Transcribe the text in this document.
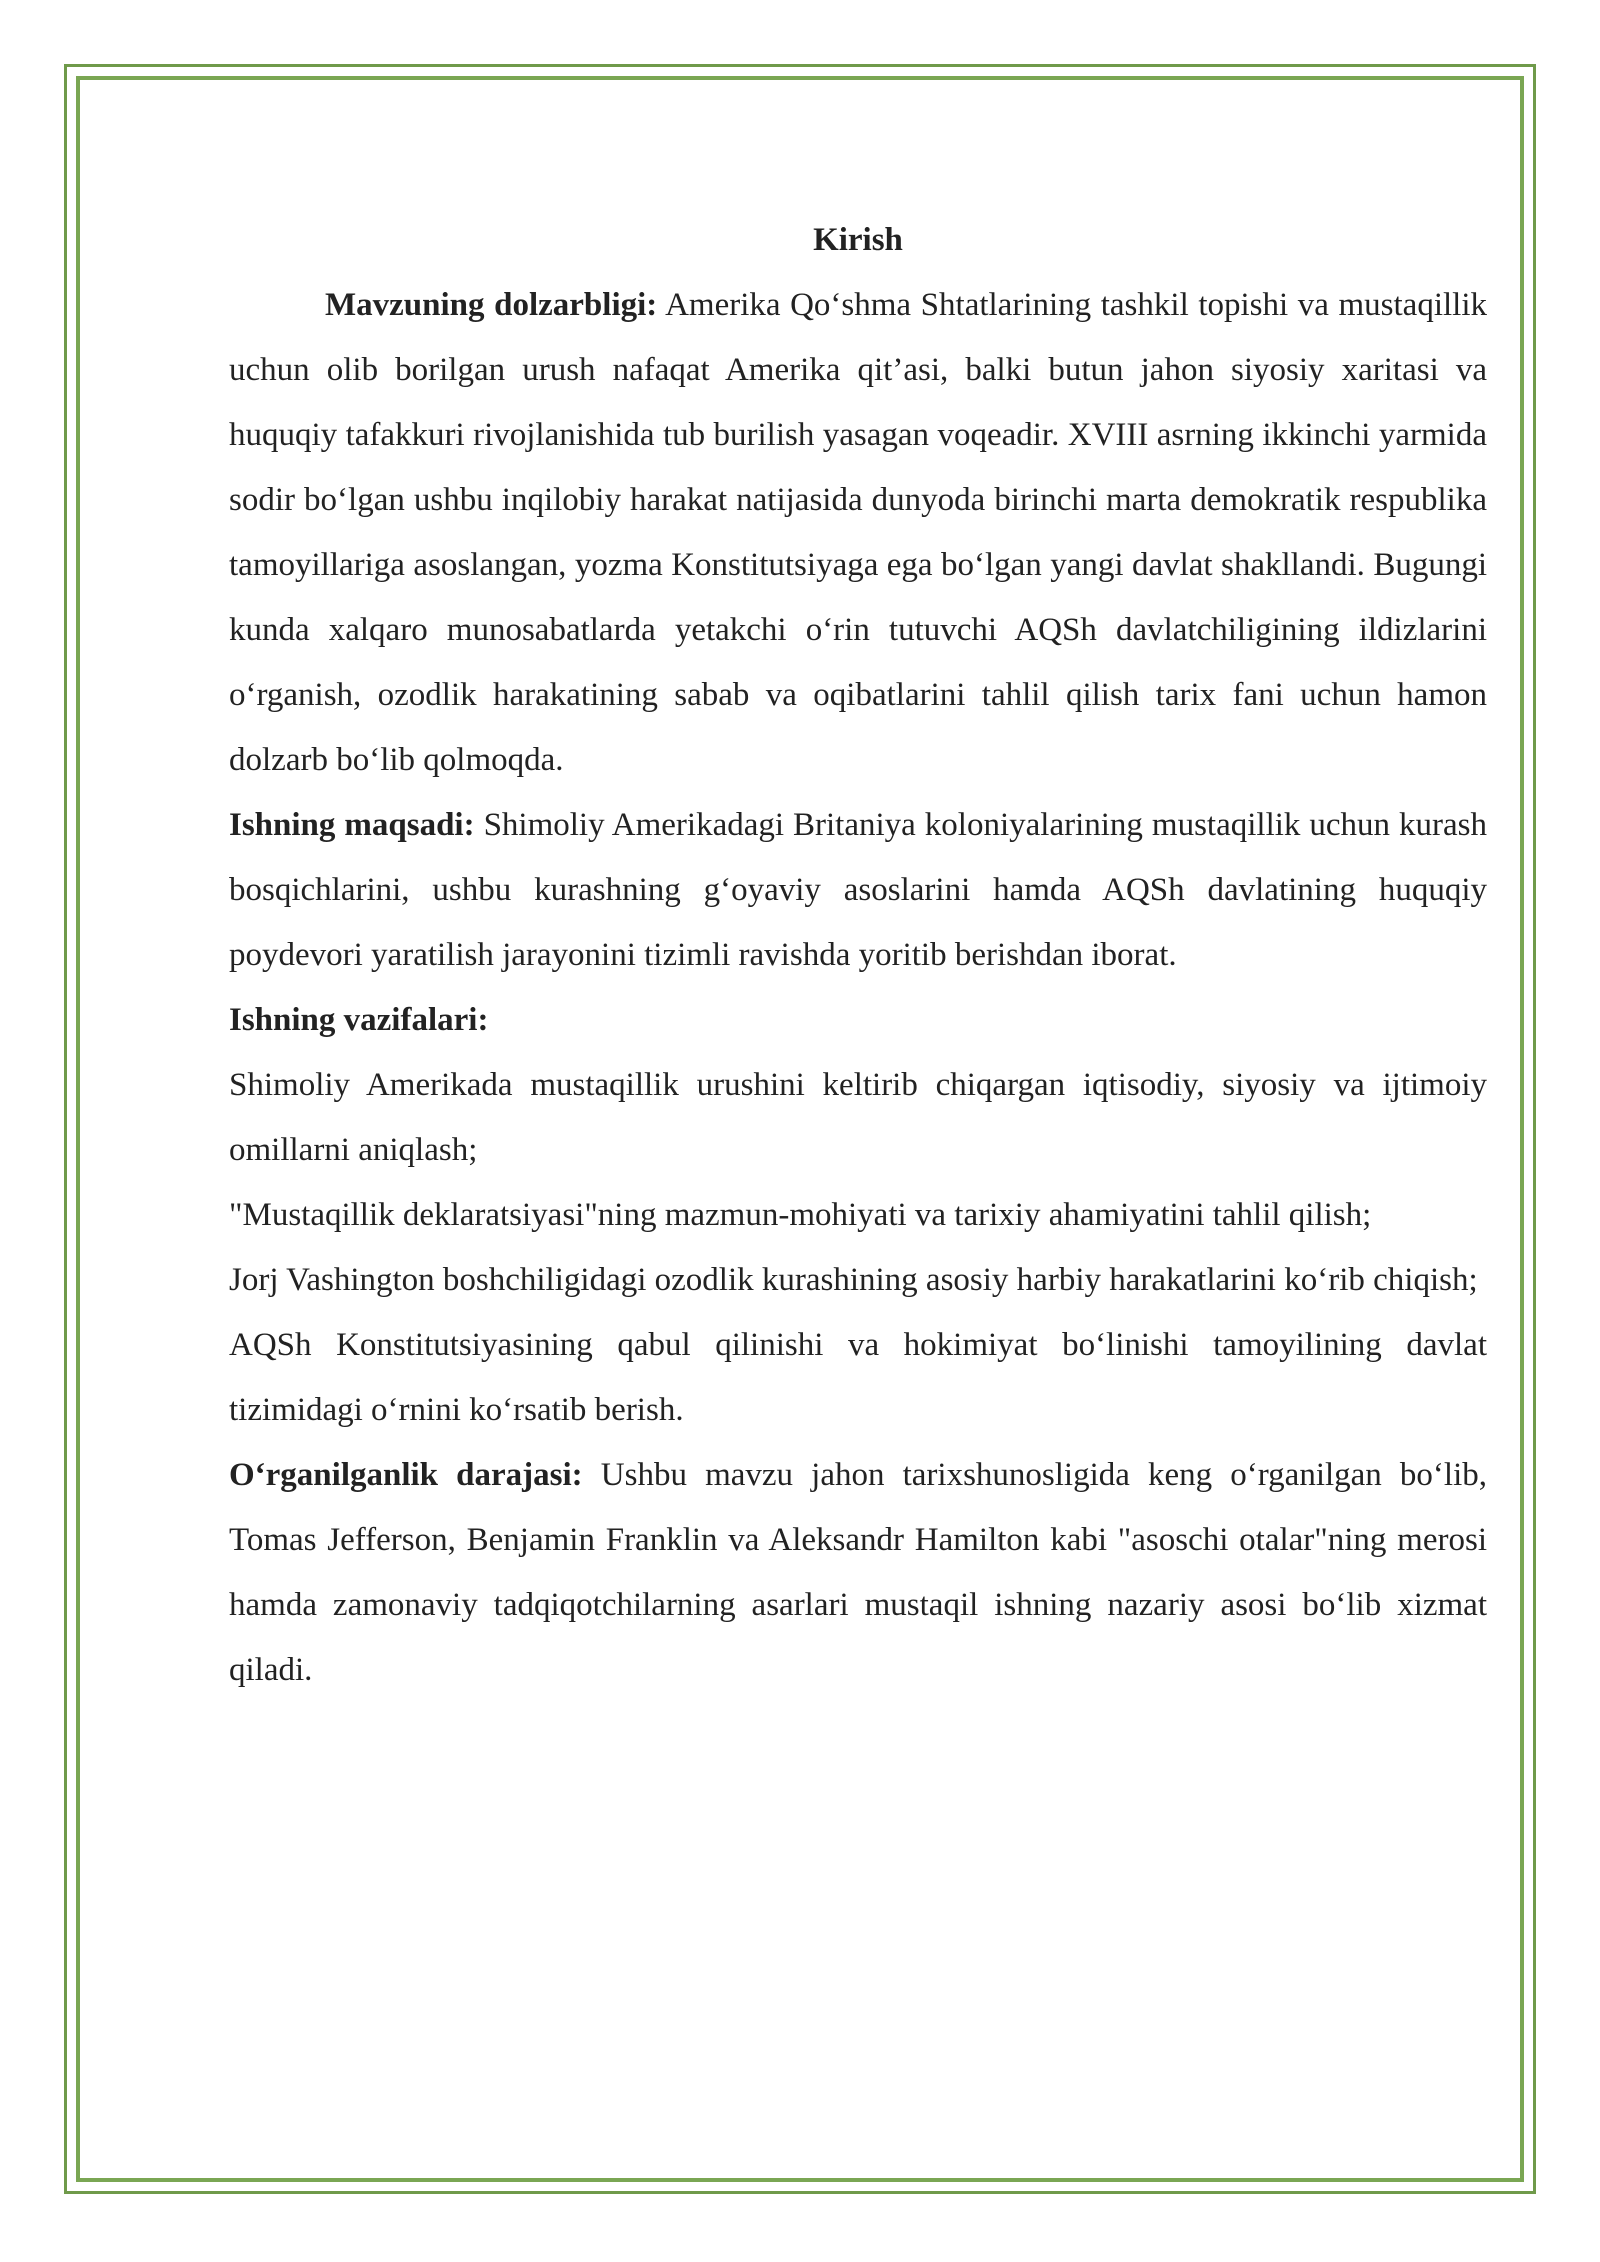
Kirish

Mavzuning dolzarbligi: Amerika Qo‘shma Shtatlarining tashkil topishi va mustaqillik uchun olib borilgan urush nafaqat Amerika qit’asi, balki butun jahon siyosiy xaritasi va huquqiy tafakkuri rivojlanishida tub burilish yasagan voqeadir. XVIII asrning ikkinchi yarmida sodir bo‘lgan ushbu inqilobiy harakat natijasida dunyoda birinchi marta demokratik respublika tamoyillariga asoslangan, yozma Konstitutsiyaga ega bo‘lgan yangi davlat shakllandi. Bugungi kunda xalqaro munosabatlarda yetakchi o‘rin tutuvchi AQSh davlatchiligining ildizlarini o‘rganish, ozodlik harakatining sabab va oqibatlarini tahlil qilish tarix fani uchun hamon dolzarb bo‘lib qolmoqda.

Ishning maqsadi: Shimoliy Amerikadagi Britaniya koloniyalarining mustaqillik uchun kurash bosqichlarini, ushbu kurashning g‘oyaviy asoslarini hamda AQSh davlatining huquqiy poydevori yaratilish jarayonini tizimli ravishda yoritib berishdan iborat.

Ishning vazifalari:

Shimoliy Amerikada mustaqillik urushini keltirib chiqargan iqtisodiy, siyosiy va ijtimoiy omillarni aniqlash;

"Mustaqillik deklaratsiyasi"ning mazmun-mohiyati va tarixiy ahamiyatini tahlil qilish;

Jorj Vashington boshchiligidagi ozodlik kurashining asosiy harbiy harakatlarini ko‘rib chiqish;

AQSh Konstitutsiyasining qabul qilinishi va hokimiyat bo‘linishi tamoyilining davlat tizimidagi o‘rnini ko‘rsatib berish.

O‘rganilganlik darajasi: Ushbu mavzu jahon tarixshunosligida keng o‘rganilgan bo‘lib, Tomas Jefferson, Benjamin Franklin va Aleksandr Hamilton kabi "asoschi otalar"ning merosi hamda zamonaviy tadqiqotchilarning asarlari mustaqil ishning nazariy asosi bo‘lib xizmat qiladi.
